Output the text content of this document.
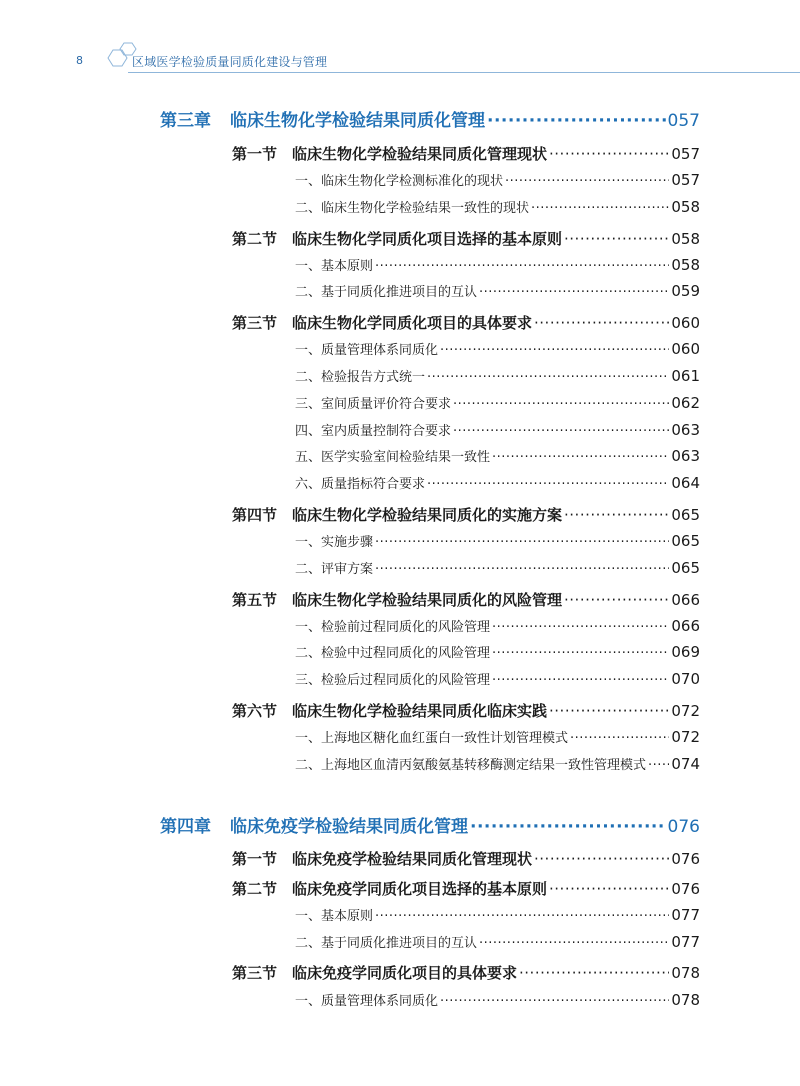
8	区域医学检验质量同质化建设与管理
第三章	临床生物化学检验结果同质化管理 ·····	057
第一节 临床生物化学检验结果同质化管理现状 ·····	057
一、临床生物化学检测标准化的现状 ·····	057
二、临床生物化学检验结果一致性的现状 ·····	058
第二节 临床生物化学同质化项目选择的基本原则 ·····	058
一、基本原则 ·····	058
二、基于同质化推进项目的互认 ·····	059
第三节 临床生物化学同质化项目的具体要求 ·····	060
一、质量管理体系同质化 ·····	060
二、检验报告方式统一 ·····	061
三、室间质量评价符合要求 ·····	062
四、室内质量控制符合要求 ·····	063
五、医学实验室间检验结果一致性 ·····	063
六、质量指标符合要求 ·····	064
第四节 临床生物化学检验结果同质化的实施方案 ·····	065
一、实施步骤 ·····	065
二、评审方案 ·····	065
第五节 临床生物化学检验结果同质化的风险管理 ·····	066
一、检验前过程同质化的风险管理 ·····	066
二、检验中过程同质化的风险管理 ·····	069
三、检验后过程同质化的风险管理 ·····	070
第六节 临床生物化学检验结果同质化临床实践 ·····	072
一、上海地区糖化血红蛋白一致性计划管理模式 ·····	072
二、上海地区血清丙氨酸氨基转移酶测定结果一致性管理模式 ····· 074
第四章	临床免疫学检验结果同质化管理 ·····	076
第一节 临床免疫学检验结果同质化管理现状 ·····	076
第二节 临床免疫学同质化项目选择的基本原则 ·····	076
一、基本原则 ·····	077
二、基于同质化推进项目的互认 ·····	077
第三节 临床免疫学同质化项目的具体要求 ·····	078
一、质量管理体系同质化 ·····	078
